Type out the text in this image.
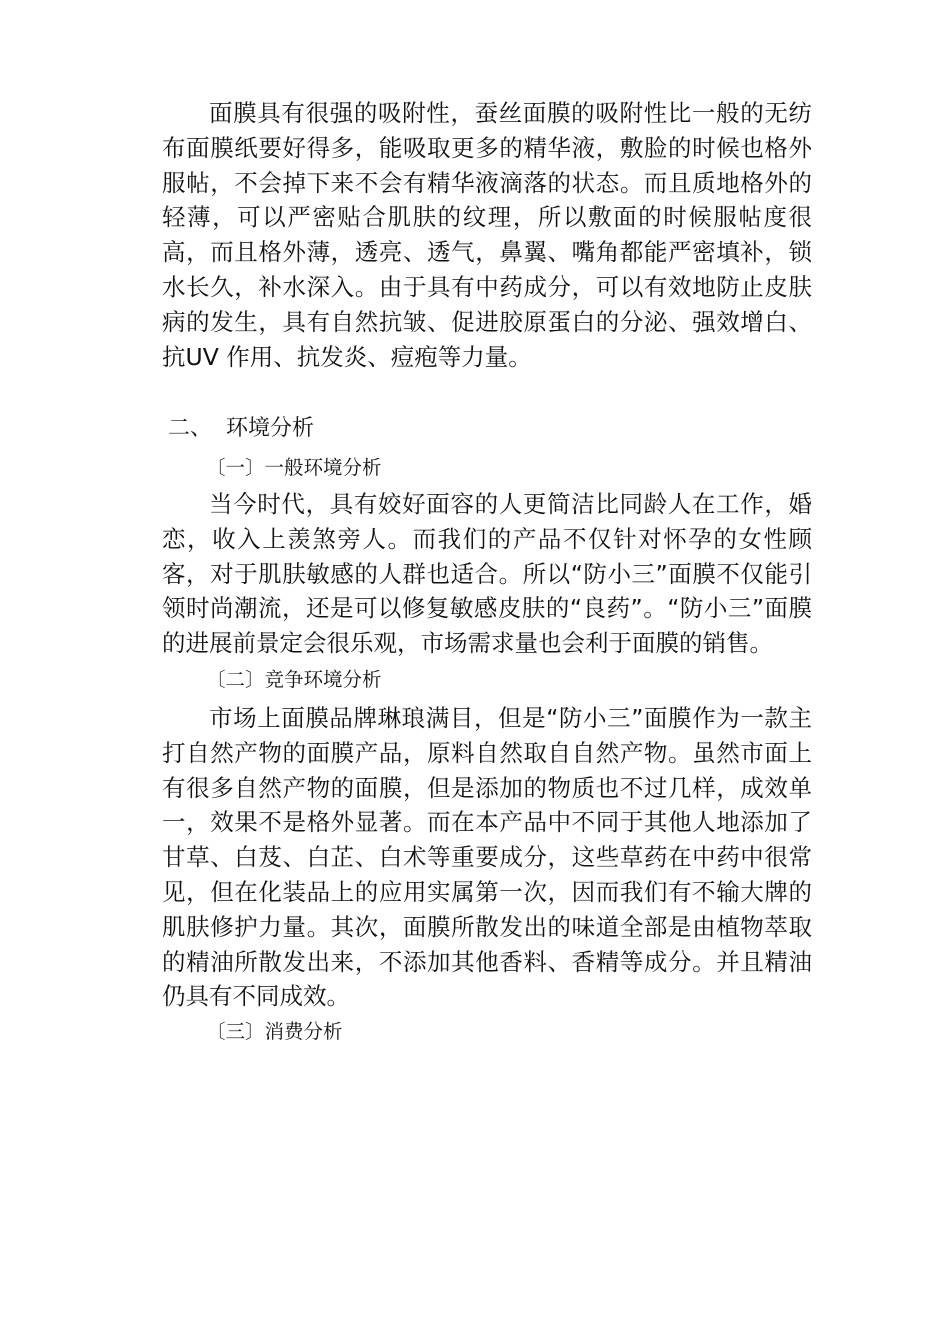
面膜具有很强的吸附性，蚕丝面膜的吸附性比一般的无纺布面膜纸要好得多，能吸取更多的精华液，敷脸的时候也格外服帖，不会掉下来不会有精华液滴落的状态。而且质地格外的轻薄，可以严密贴合肌肤的纹理，所以敷面的时候服帖度很高，而且格外薄，透亮、透气，鼻翼、嘴角都能严密填补，锁水长久，补水深入。由于具有中药成分，可以有效地防止皮肤病的发生，具有自然抗皱、促进胶原蛋白的分泌、强效增白、抗UV 作用、抗发炎、痘疱等力量。

二、  环境分析

〔一〕一般环境分析

当今时代，具有姣好面容的人更简洁比同龄人在工作，婚恋，收入上羡煞旁人。而我们的产品不仅针对怀孕的女性顾客，对于肌肤敏感的人群也适合。所以“防小三”面膜不仅能引领时尚潮流，还是可以修复敏感皮肤的“良药”。“防小三”面膜的进展前景定会很乐观，市场需求量也会利于面膜的销售。

〔二〕竞争环境分析

市场上面膜品牌琳琅满目，但是“防小三”面膜作为一款主打自然产物的面膜产品，原料自然取自自然产物。虽然市面上有很多自然产物的面膜，但是添加的物质也不过几样，成效单一，效果不是格外显著。而在本产品中不同于其他人地添加了甘草、白芨、白芷、白术等重要成分，这些草药在中药中很常见，但在化装品上的应用实属第一次，因而我们有不输大牌的肌肤修护力量。其次，面膜所散发出的味道全部是由植物萃取的精油所散发出来，不添加其他香料、香精等成分。并且精油仍具有不同成效。

〔三〕消费分析
